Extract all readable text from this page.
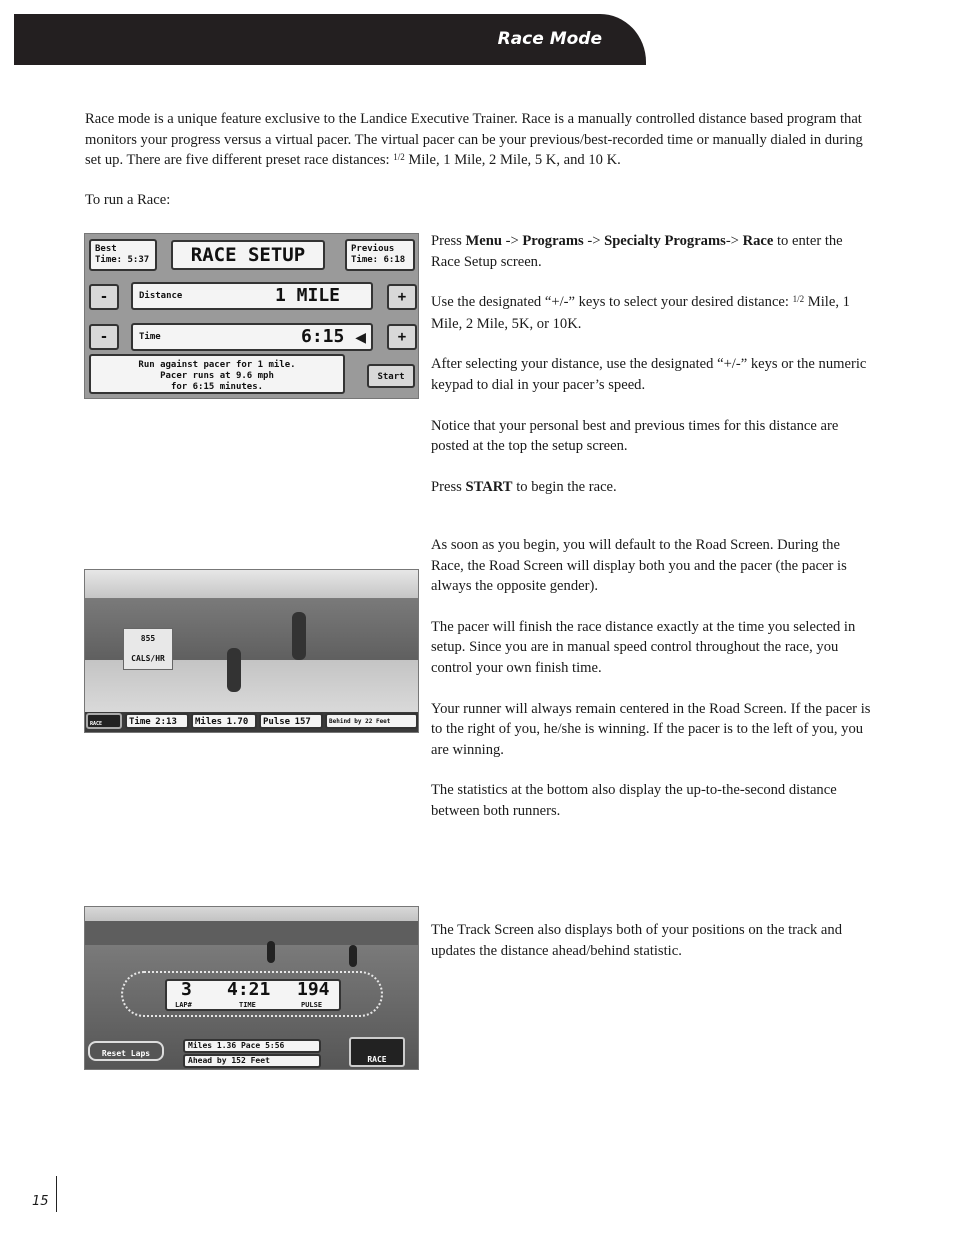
Race Mode

Race mode is a unique feature exclusive to the Landice Executive Trainer. Race is a manually controlled distance based program that monitors your progress versus a virtual pacer. The virtual pacer can be your previous/best-recorded time or manually dialed in during set up. There are five different preset race distances: $^{1/2}$ Mile, 1 Mile, 2 Mile, 5 K, and 10 K.

To run a Race:

Press Menu -> Programs -> Specialty Programs-> Race to enter the Race Setup screen.

Use the designated “+/-” keys to select your desired distance: $^{1/2}$ Mile, 1 Mile, 2 Mile, 5K, or 10K.

After selecting your distance, use the designated “+/-” keys or the numeric keypad to dial in your pacer’s speed.

Notice that your personal best and previous times for this distance are posted at the top the setup screen.

Press START to begin the race.

As soon as you begin, you will default to the Road Screen. During the Race, the Road Screen will display both you and the pacer (the pacer is always the opposite gender).

The pacer will finish the race distance exactly at the time you selected in setup. Since you are in manual speed control throughout the race, you control your own finish time.

Your runner will always remain centered in the Road Screen. If the pacer is to the right of you, he/she is winning. If the pacer is to the left of you, you are winning.

The statistics at the bottom also display the up-to-the-second distance between both runners.

The Track Screen also displays both of your positions on the track and updates the distance ahead/behind statistic.

Best
Time: 5:37	RACE SETUP	Previous
Time: 6:18
-	Distance	1 MILE	+
-	Time	6:15 ◀	+
Run against pacer for 1 mile.
Pacer runs at 9.6 mph
for 6:15 minutes.
Start
855
CALS/HR
RACE	Time 2:13	Miles 1.70	Pulse 157	Behind by 22 Feet
3
LAP#
4:21
TIME
194
PULSE
Reset Laps
Miles 1.36 Pace 5:56
Ahead by 152 Feet	RACE
15
